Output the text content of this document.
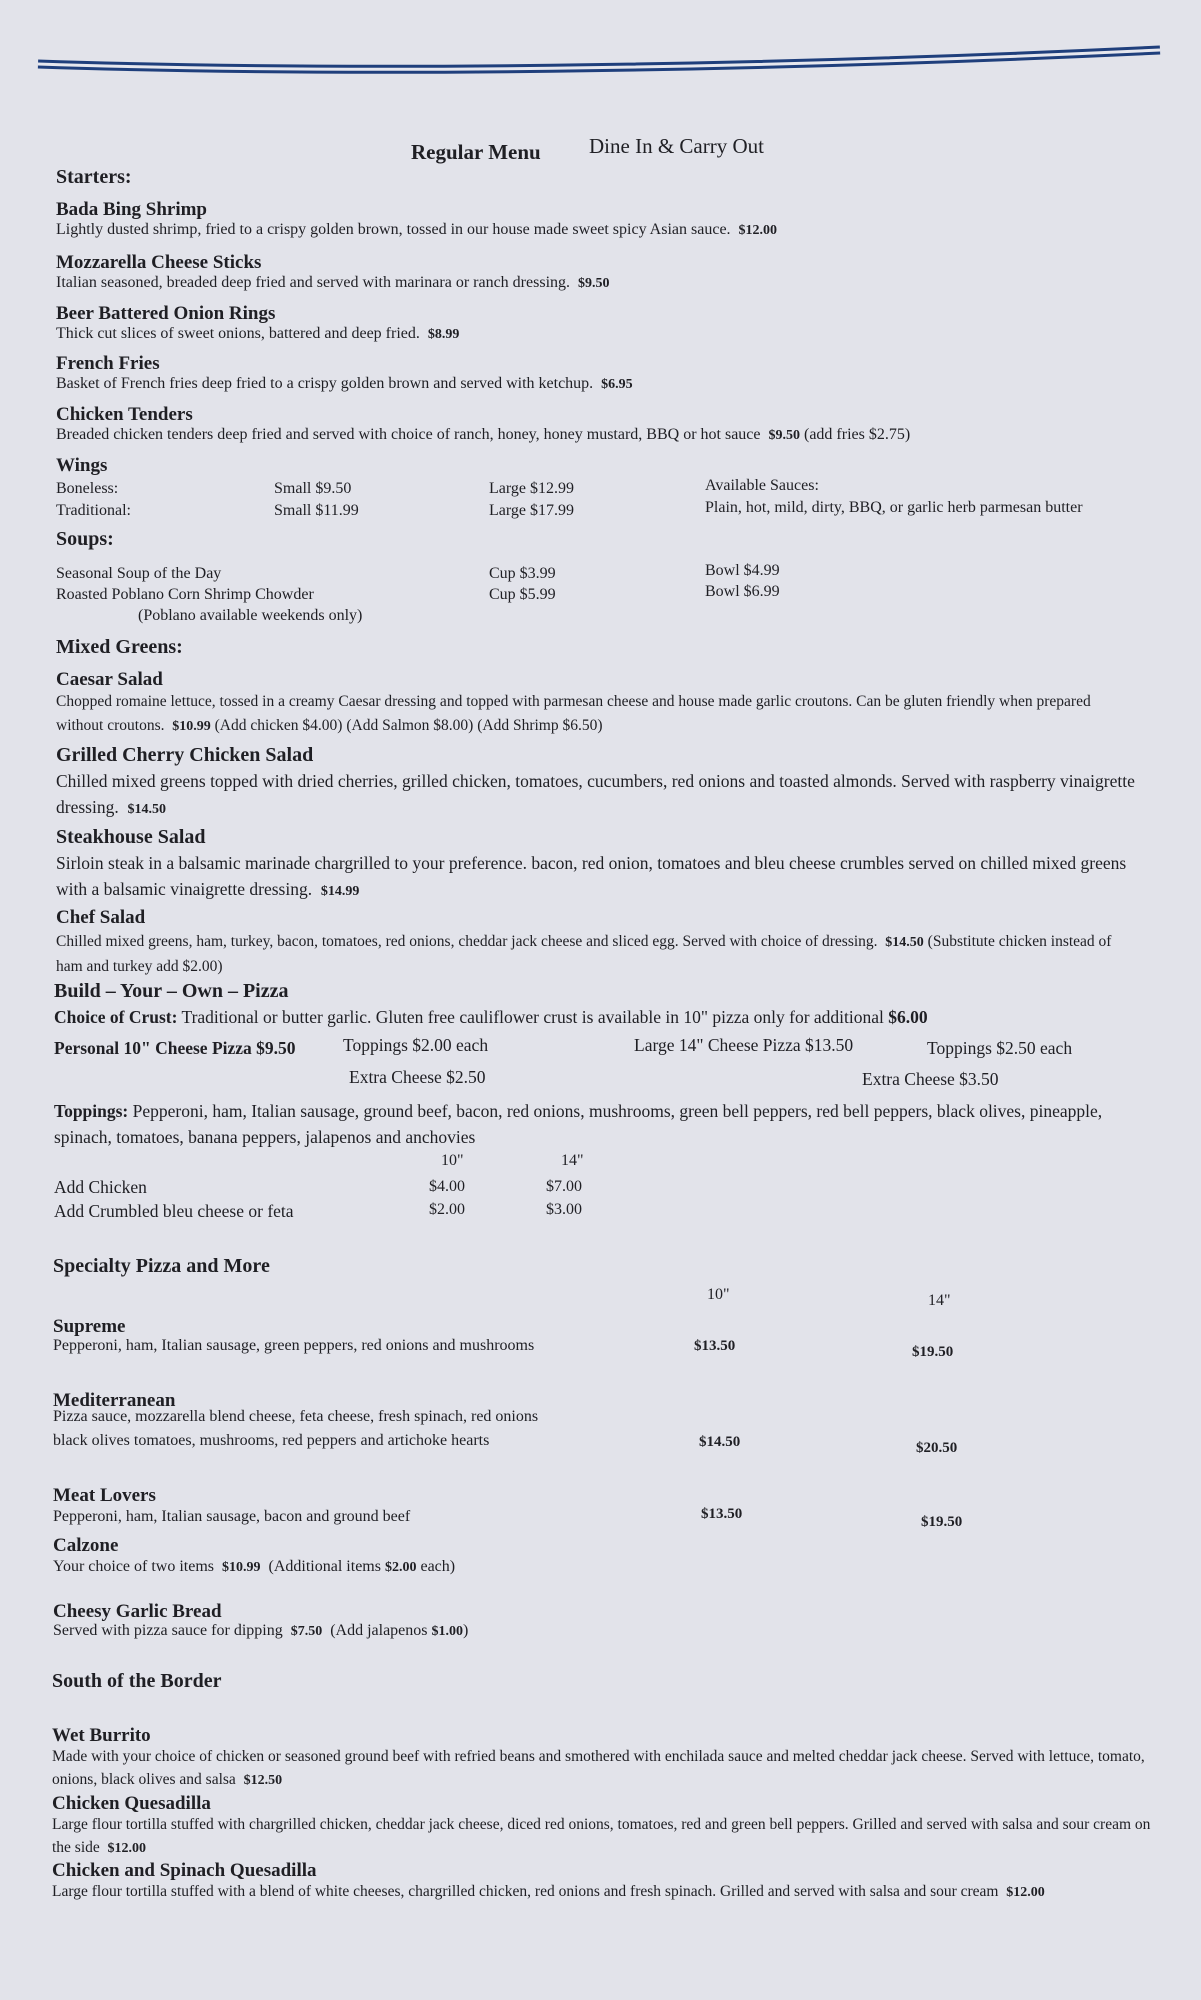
Regular Menu Dine In & Carry Out
Starters:
Bada Bing Shrimp
Lightly dusted shrimp, fried to a crispy golden brown, tossed in our house made sweet spicy Asian sauce. $12.00
Mozzarella Cheese Sticks
Italian seasoned, breaded deep fried and served with marinara or ranch dressing. $9.50
Beer Battered Onion Rings
Thick cut slices of sweet onions, battered and deep fried. $8.99
French Fries
Basket of French fries deep fried to a crispy golden brown and served with ketchup. $6.95
Chicken Tenders
Breaded chicken tenders deep fried and served with choice of ranch, honey, honey mustard, BBQ or hot sauce $9.50 (add fries $2.75)
Wings
Boneless:	Small $9.50	Large $12.99
Traditional:	Small $11.99	Large $17.99
Available Sauces:
Plain, hot, mild, dirty, BBQ, or garlic herb parmesan butter
Soups:
Seasonal Soup of the Day	Cup $3.99	Bowl $4.99
Roasted Poblano Corn Shrimp Chowder	Cup $5.99	Bowl $6.99
(Poblano available weekends only)
Mixed Greens:
Caesar Salad
Chopped romaine lettuce, tossed in a creamy Caesar dressing and topped with parmesan cheese and house made garlic croutons. Can be gluten friendly when prepared without croutons. $10.99 (Add chicken $4.00) (Add Salmon $8.00) (Add Shrimp $6.50)
Grilled Cherry Chicken Salad
Chilled mixed greens topped with dried cherries, grilled chicken, tomatoes, cucumbers, red onions and toasted almonds. Served with raspberry vinaigrette dressing. $14.50
Steakhouse Salad
Sirloin steak in a balsamic marinade chargrilled to your preference. bacon, red onion, tomatoes and bleu cheese crumbles served on chilled mixed greens with a balsamic vinaigrette dressing. $14.99
Chef Salad
Chilled mixed greens, ham, turkey, bacon, tomatoes, red onions, cheddar jack cheese and sliced egg. Served with choice of dressing. $14.50 (Substitute chicken instead of ham and turkey add $2.00)
Build – Your – Own – Pizza
Choice of Crust: Traditional or butter garlic. Gluten free cauliflower crust is available in 10" pizza only for additional $6.00
Personal 10" Cheese Pizza $9.50	Toppings $2.00 each
Extra Cheese $2.50
Large 14" Cheese Pizza $13.50	Toppings $2.50 each
Extra Cheese $3.50
Toppings: Pepperoni, ham, Italian sausage, ground beef, bacon, red onions, mushrooms, green bell peppers, red bell peppers, black olives, pineapple, spinach, tomatoes, banana peppers, jalapenos and anchovies
10"	14"
Add Chicken	$4.00	$7.00
Add Crumbled bleu cheese or feta	$2.00	$3.00
Specialty Pizza and More
10"	14"
Supreme
Pepperoni, ham, Italian sausage, green peppers, red onions and mushrooms	$13.50	$19.50
Mediterranean
Pizza sauce, mozzarella blend cheese, feta cheese, fresh spinach, red onions
black olives tomatoes, mushrooms, red peppers and artichoke hearts	$14.50	$20.50
Meat Lovers
Pepperoni, ham, Italian sausage, bacon and ground beef	$13.50	$19.50
Calzone
Your choice of two items $10.99 (Additional items $2.00 each)
Cheesy Garlic Bread
Served with pizza sauce for dipping $7.50 (Add jalapenos $1.00)
South of the Border
Wet Burrito
Made with your choice of chicken or seasoned ground beef with refried beans and smothered with enchilada sauce and melted cheddar jack cheese. Served with lettuce, tomato, onions, black olives and salsa $12.50
Chicken Quesadilla
Large flour tortilla stuffed with chargrilled chicken, cheddar jack cheese, diced red onions, tomatoes, red and green bell peppers. Grilled and served with salsa and sour cream on the side $12.00
Chicken and Spinach Quesadilla
Large flour tortilla stuffed with a blend of white cheeses, chargrilled chicken, red onions and fresh spinach. Grilled and served with salsa and sour cream $12.00
